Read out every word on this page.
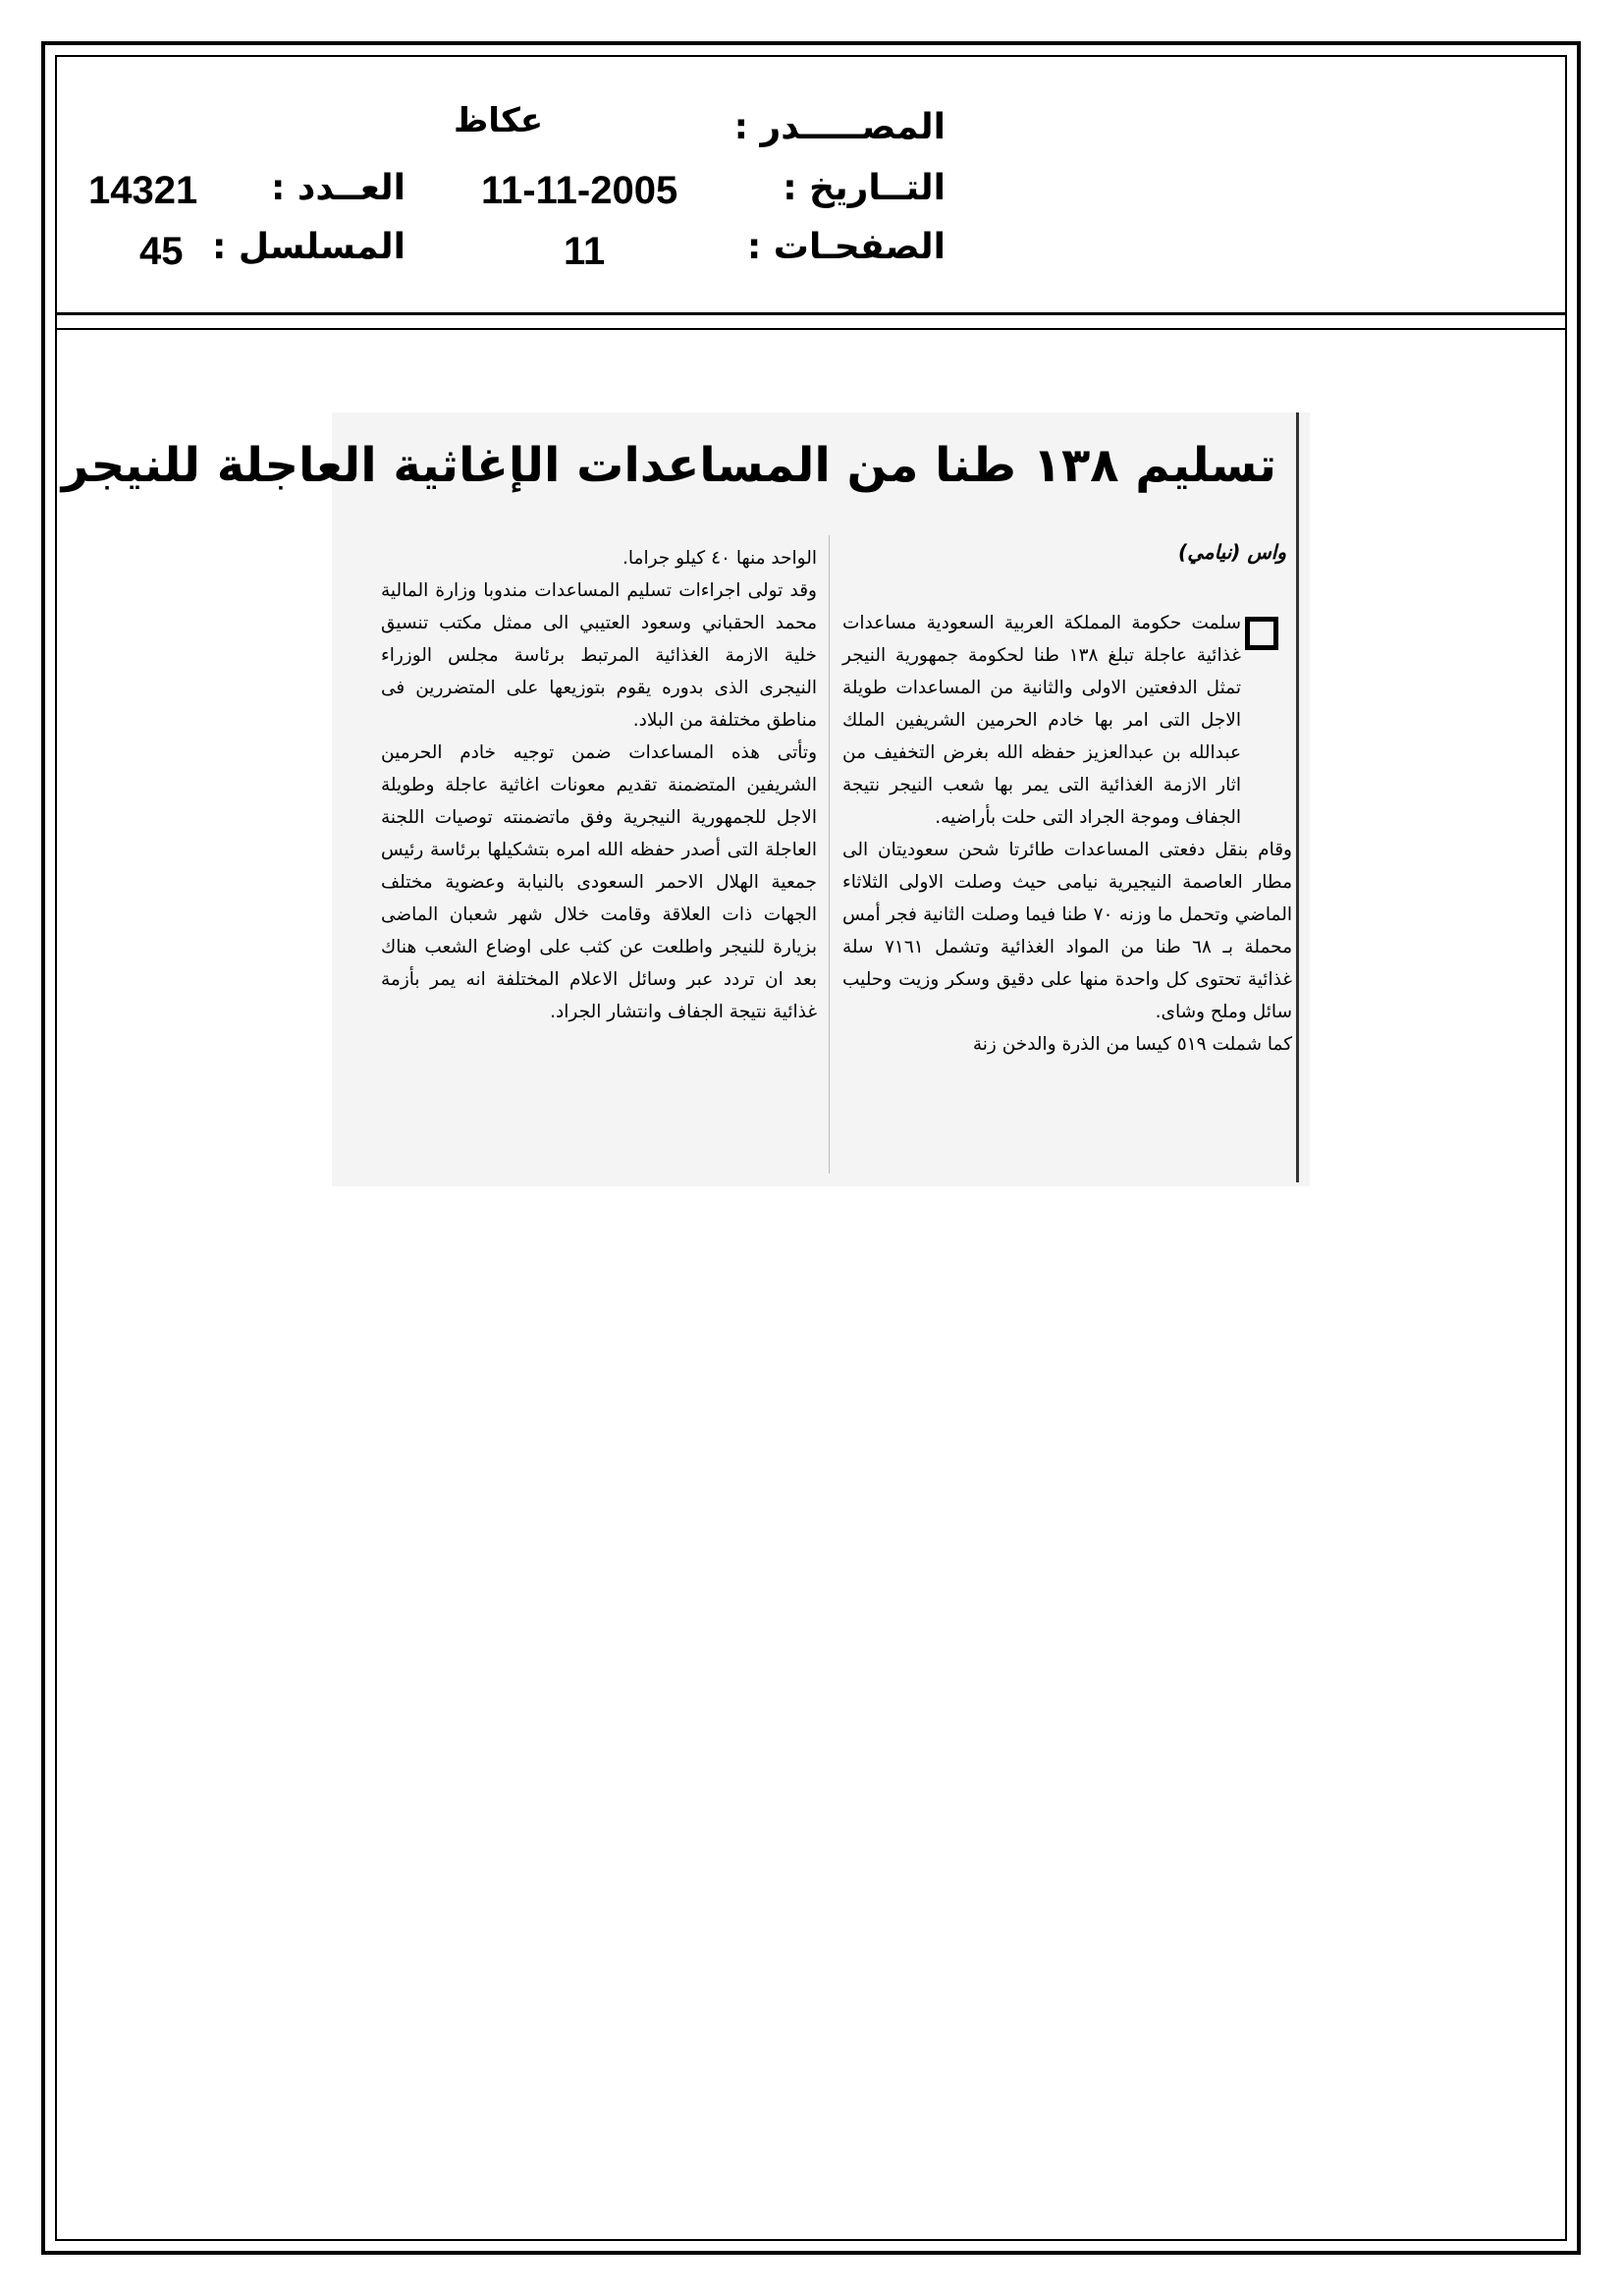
المصـــــدر :
عكاظ
التــاريخ :
11-11-2005
العــدد :
14321
الصفحـات :
11
المسلسل :
45
تسليم ١٣٨ طنا من المساعدات الإغاثية العاجلة للنيجر
واس (نيامي)

سلمت حكومة المملكة العربية السعودية مساعدات غذائية عاجلة تبلغ ١٣٨ طنا لحكومة جمهورية النيجر تمثل الدفعتين الاولى والثانية من المساعدات طويلة الاجل التى امر بها خادم الحرمين الشريفين الملك عبدالله بن عبدالعزيز حفظه الله بغرض التخفيف من اثار الازمة الغذائية التى يمر بها شعب النيجر نتيجة الجفاف وموجة الجراد التى حلت بأراضيه.

وقام بنقل دفعتى المساعدات طائرتا شحن سعوديتان الى مطار العاصمة النيجيرية نيامى حيث وصلت الاولى الثلاثاء الماضي وتحمل ما وزنه ٧٠ طنا فيما وصلت الثانية فجر أمس محملة بـ ٦٨ طنا من المواد الغذائية وتشمل ٧١٦١ سلة غذائية تحتوى كل واحدة منها على دقيق وسكر وزيت وحليب سائل وملح وشاى.

كما شملت ٥١٩ كيسا من الذرة والدخن زنة

الواحد منها ٤٠ كيلو جراما.

وقد تولى اجراءات تسليم المساعدات مندوبا وزارة المالية محمد الحقباني وسعود العتيبي الى ممثل مكتب تنسيق خلية الازمة الغذائية المرتبط برئاسة مجلس الوزراء النيجرى الذى بدوره يقوم بتوزيعها على المتضررين فى مناطق مختلفة من البلاد.

وتأتى هذه المساعدات ضمن توجيه خادم الحرمين الشريفين المتضمنة تقديم معونات اغاثية عاجلة وطويلة الاجل للجمهورية النيجرية وفق ماتضمنته توصيات اللجنة العاجلة التى أصدر حفظه الله امره بتشكيلها برئاسة رئيس جمعية الهلال الاحمر السعودى بالنيابة وعضوية مختلف الجهات ذات العلاقة وقامت خلال شهر شعبان الماضى بزيارة للنيجر واطلعت عن كثب على اوضاع الشعب هناك بعد ان تردد عبر وسائل الاعلام المختلفة انه يمر بأزمة غذائية نتيجة الجفاف وانتشار الجراد.
